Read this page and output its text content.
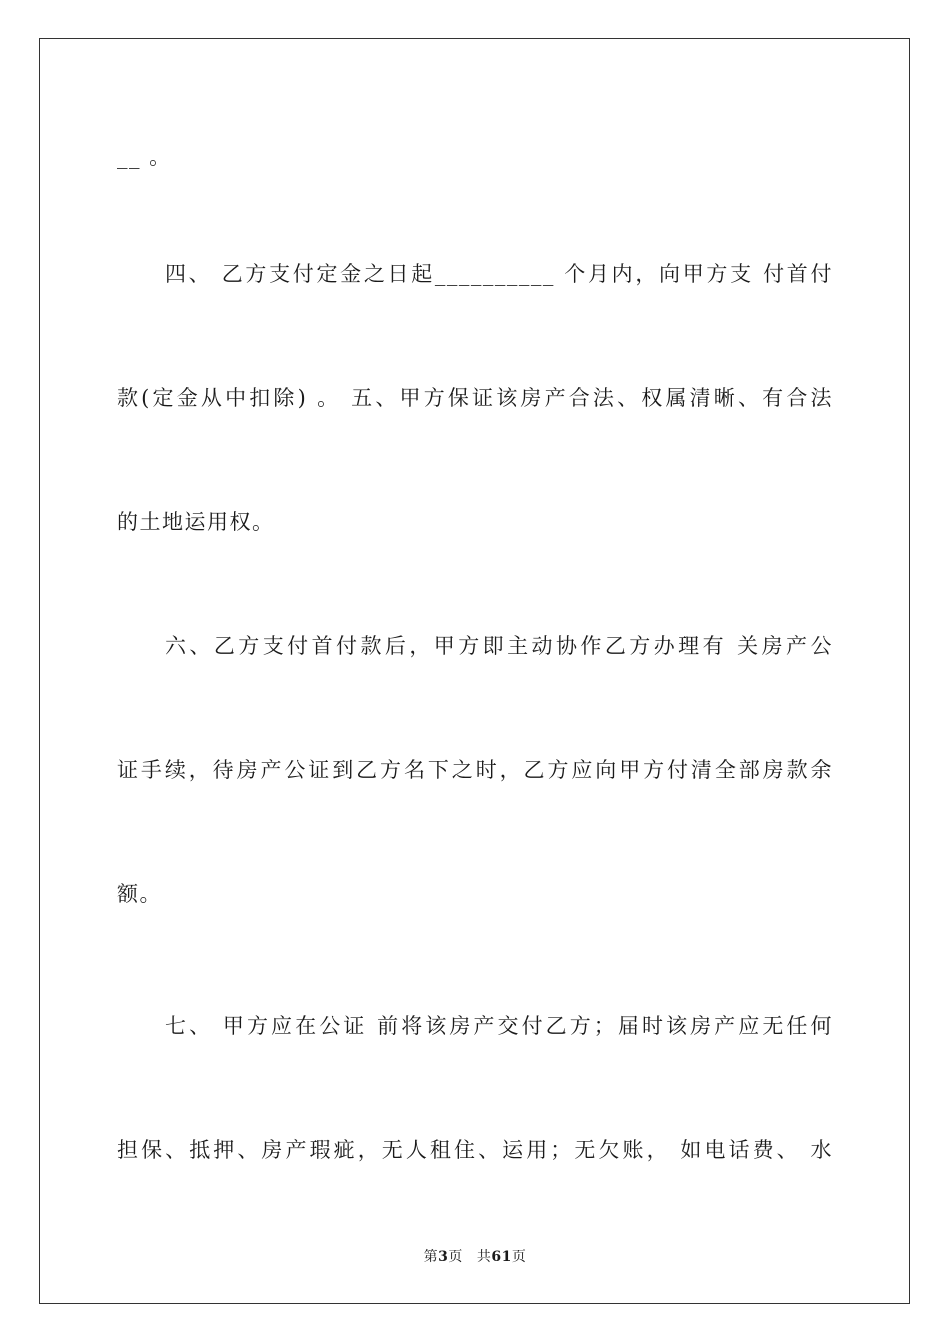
__ 。
四、 乙方支付定金之日起__________ 个月内，向甲方支 付首付
款(定金从中扣除) 。 五、甲方保证该房产合法、权属清晰、有合法
的土地运用权。
六、乙方支付首付款后，甲方即主动协作乙方办理有 关房产公
证手续，待房产公证到乙方名下之时，乙方应向甲方付清全部房款余
额。
七、 甲方应在公证 前将该房产交付乙方；届时该房产应无任何
担保、抵押、房产瑕疵，无人租住、运用；无欠账， 如电话费、 水
第3页 共61页
